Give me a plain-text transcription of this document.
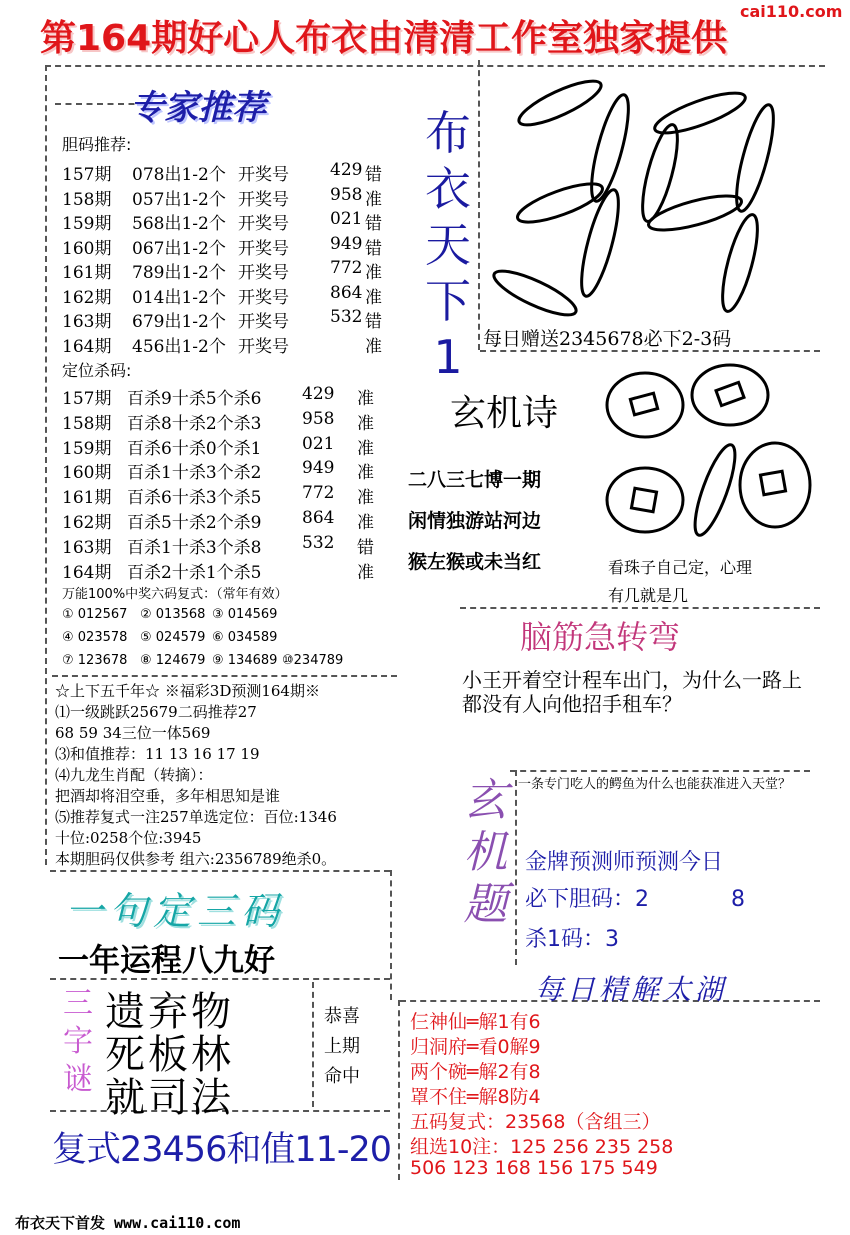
第164期好心人布衣由清清工作室独家提供
cai110.com
专家推荐
胆码推荐:
157期 078出1-2个 开奖号 429 错
158期 057出1-2个 开奖号 958 准
159期 568出1-2个 开奖号 021 错
160期 067出1-2个 开奖号 949 错
161期 789出1-2个 开奖号 772 准
162期 014出1-2个 开奖号 864 准
163期 679出1-2个 开奖号 532 错
164期 456出1-2个 开奖号	准
定位杀码:
157期 百杀9十杀5个杀6 429 准
158期 百杀8十杀2个杀3 958 准
159期 百杀6十杀0个杀1 021 准
160期 百杀1十杀3个杀2 949 准
161期 百杀6十杀3个杀5 772 准
162期 百杀5十杀2个杀9 864 准
163期 百杀1十杀3个杀8 532 错
164期 百杀2十杀1个杀5	准
布
衣
天
下
1
39
每日赠送2345678必下2-3码
玄机诗
二八三七博一期
闲情独游站河边
猴左猴或未当红	看珠子自己定，心理
有几就是几
万能100%中奖六码复式：（常年有效）
① 012567 ② 013568 ③ 014569
④ 023578 ⑤ 024579 ⑥ 034589
⑦ 123678 ⑧ 124679 ⑨ 134689 ⑩234789
脑筋急转弯
小王开着空计程车出门，为什么一路上都没有人向他招手租车？
☆上下五千年☆ ※福彩3D预测164期※
⑴一级跳跃25679二码推荐27
68 59 34三位一体569
⑶和值推荐：11 13 16 17 19
⑷九龙生肖配（转摘）：
把酒却将泪空垂，多年相思知是谁
⑸推荐复式一注257单选定位：百位:1346
十位:0258个位:3945
本期胆码仅供参考 组六:2356789绝杀0。
玄
机
题
一条专门吃人的鳄鱼为什么也能获准进入天堂？
金牌预测师预测今日
必下胆码：2	8
杀1码：3
一句定三码
一年运程八九好
三
字
谜
遗弃物
死板林
就司法
恭喜
上期
命中
复式23456和值11-20
每日精解太湖
仨神仙═解1有6
归洞府═看0解9
两个碗═解2有8
罩不住═解8防4
五码复式：23568（含组三）
组选10注：125 256 235 258
506 123 168 156 175 549
布衣天下首发 www.cai110.com
